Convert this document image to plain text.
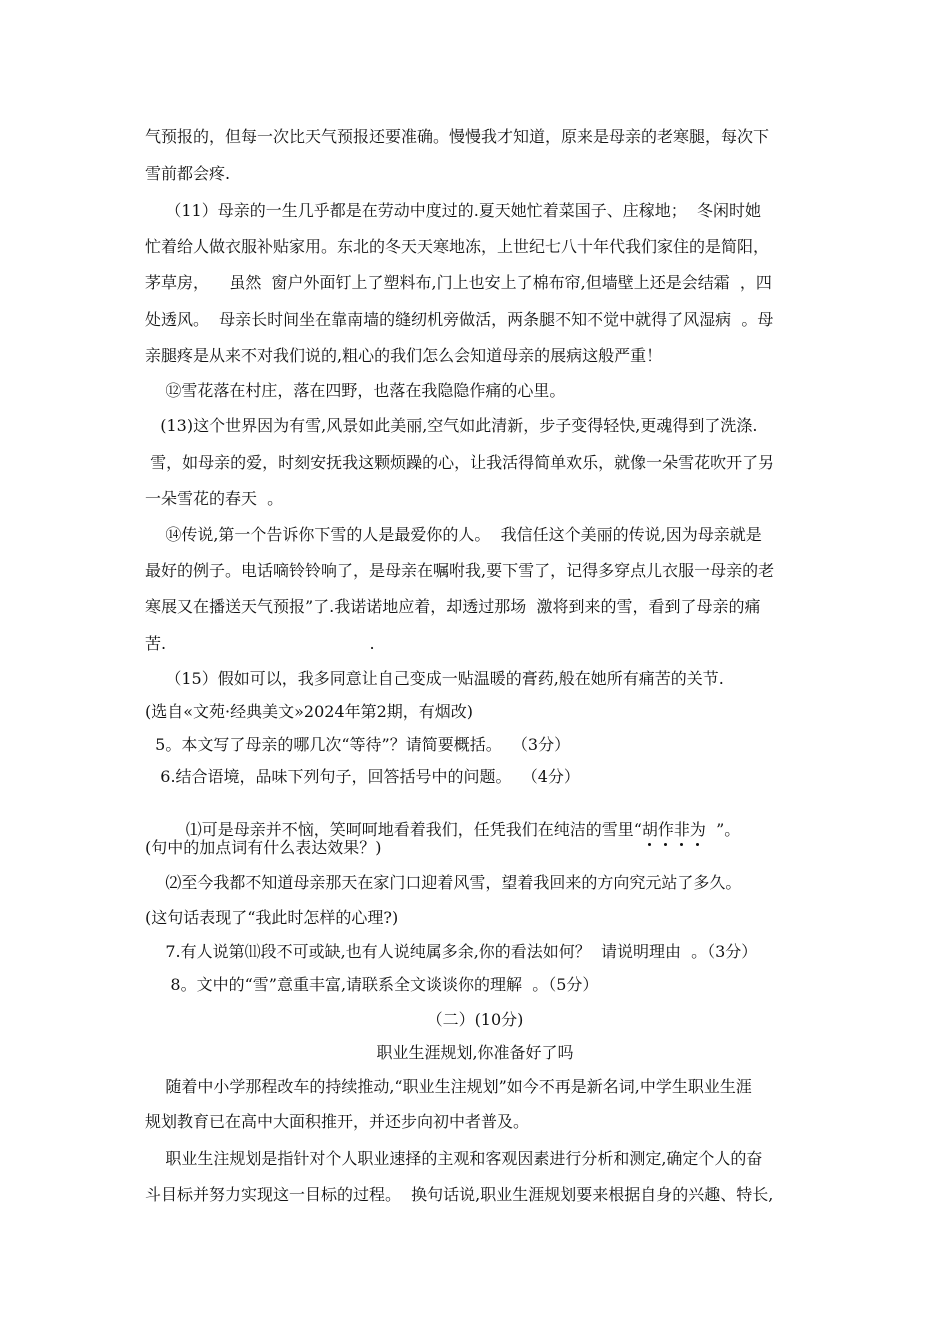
气预报的，但每一次比天气预报还要准确。慢慢我才知道，原来是母亲的老寒腿，每次下
雪前都会疼.
（11）母亲的一生几乎都是在劳动中度过的.夏天她忙着菜国子、庄稼地；  冬闲时她
忙着给人做衣服补贴家用。东北的冬天天寒地冻，上世纪七八十年代我们家住的是简阳，
茅草房，    虽然  窗户外面钉上了塑料布,门上也安上了棉布帘,但墙壁上还是会结霜  ，四
处透风。  母亲长时间坐在靠南墙的缝纫机旁做活，两条腿不知不觉中就得了风湿病  。母
亲腿疼是从来不对我们说的,粗心的我们怎么会知道母亲的展病这般严重！
⑫雪花落在村庄，落在四野，也落在我隐隐作痛的心里。
(13)这个世界因为有雪,风景如此美丽,空气如此清新，步子变得轻快,更魂得到了洗涤.
雪，如母亲的爱，时刻安抚我这颗烦躁的心，让我活得简单欢乐，就像一朵雪花吹开了另
一朵雪花的春天  。
⑭传说,第一个告诉你下雪的人是最爱你的人。  我信任这个美丽的传说,因为母亲就是
最好的例子。电话嘀铃铃响了，是母亲在嘱咐我,要下雪了，记得多穿点儿衣服一母亲的老
寒展又在播送天气预报”了.我诺诺地应着，却透过那场  激将到来的雪，看到了母亲的痛
苦.                                        .
（15）假如可以，我多同意让自己变成一贴温暖的膏药,般在她所有痛苦的关节.
(选自«文苑·经典美文»2024年第2期，有烟改)
5。本文写了母亲的哪几次“等待”？请简要概括。  （3分）
6.结合语境，品味下列句子，回答括号中的问题。  （4分）

⑴可是母亲并不恼，笑呵呵地看着我们，任凭我们在纯洁的雪里“胡
作
非
为
”。

(句中的加点词有什么表达效果？)
⑵至今我都不知道母亲那天在家门口迎着风雪，望着我回来的方向究元站了多久。
(这句话表现了“我此时怎样的心理?)
7.有人说第⑾段不可或缺,也有人说纯属多余,你的看法如何？  请说明理由  。（3分）
8。文中的“雪”意重丰富,请联系全文谈谈你的理解  。（5分）
（二）(10分)
职业生涯规划,你准备好了吗
随着中小学那程改车的持续推动,“职业生注规划”如今不再是新名词,中学生职业生涯
规划教育已在高中大面积推开，并还步向初中者普及。
职业生注规划是指针对个人职业速择的主观和客观因素进行分析和测定,确定个人的奋
斗目标并努力实现这一目标的过程。  换句话说,职业生涯规划要来根据自身的兴趣、特长,
